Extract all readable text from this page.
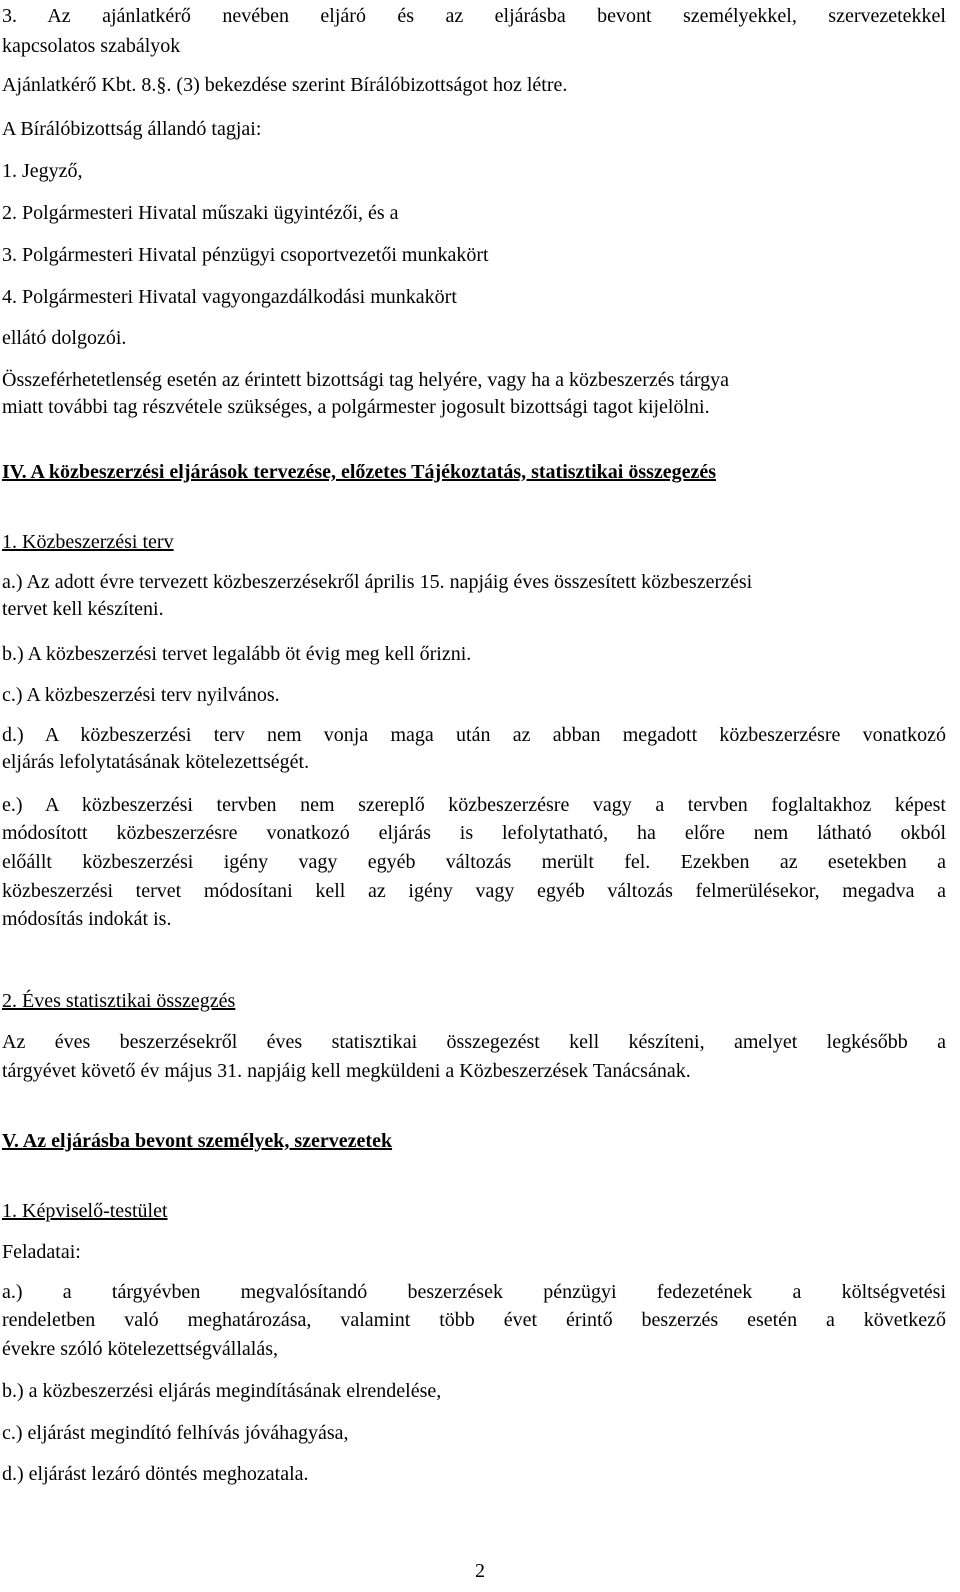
3. Az ajánlatkérő nevében eljáró és az eljárásba bevont személyekkel, szervezetekkel
kapcsolatos szabályok
Ajánlatkérő Kbt. 8.§. (3) bekezdése szerint Bírálóbizottságot hoz létre.
A Bírálóbizottság állandó tagjai:
1. Jegyző,
2. Polgármesteri Hivatal műszaki ügyintézői, és a
3. Polgármesteri Hivatal pénzügyi csoportvezetői munkakört
4. Polgármesteri Hivatal vagyongazdálkodási munkakört
ellátó dolgozói.
Összeférhetetlenség esetén az érintett bizottsági tag helyére, vagy ha a közbeszerzés tárgya
miatt további tag részvétele szükséges, a polgármester jogosult bizottsági tagot kijelölni.
IV. A közbeszerzési eljárások tervezése, előzetes Tájékoztatás, statisztikai összegezés
1. Közbeszerzési terv
a.) Az adott évre tervezett közbeszerzésekről április 15. napjáig éves összesített közbeszerzési
tervet kell készíteni.
b.) A közbeszerzési tervet legalább öt évig meg kell őrizni.
c.) A közbeszerzési terv nyilvános.
d.) A közbeszerzési terv nem vonja maga után az abban megadott közbeszerzésre vonatkozó
eljárás lefolytatásának kötelezettségét.
e.) A közbeszerzési tervben nem szereplő közbeszerzésre vagy a tervben foglaltakhoz képest
módosított közbeszerzésre vonatkozó eljárás is lefolytatható, ha előre nem látható okból
előállt közbeszerzési igény vagy egyéb változás merült fel. Ezekben az esetekben a
közbeszerzési tervet módosítani kell az igény vagy egyéb változás felmerülésekor, megadva a
módosítás indokát is.
2. Éves statisztikai összegzés
Az éves beszerzésekről éves statisztikai összegezést kell készíteni, amelyet legkésőbb a
tárgyévet követő év május 31. napjáig kell megküldeni a Közbeszerzések Tanácsának.
V. Az eljárásba bevont személyek, szervezetek
1. Képviselő-testület
Feladatai:
a.) a tárgyévben megvalósítandó beszerzések pénzügyi fedezetének a költségvetési
rendeletben való meghatározása, valamint több évet érintő beszerzés esetén a következő
évekre szóló kötelezettségvállalás,
b.) a közbeszerzési eljárás megindításának elrendelése,
c.) eljárást megindító felhívás jóváhagyása,
d.) eljárást lezáró döntés meghozatala.
2
